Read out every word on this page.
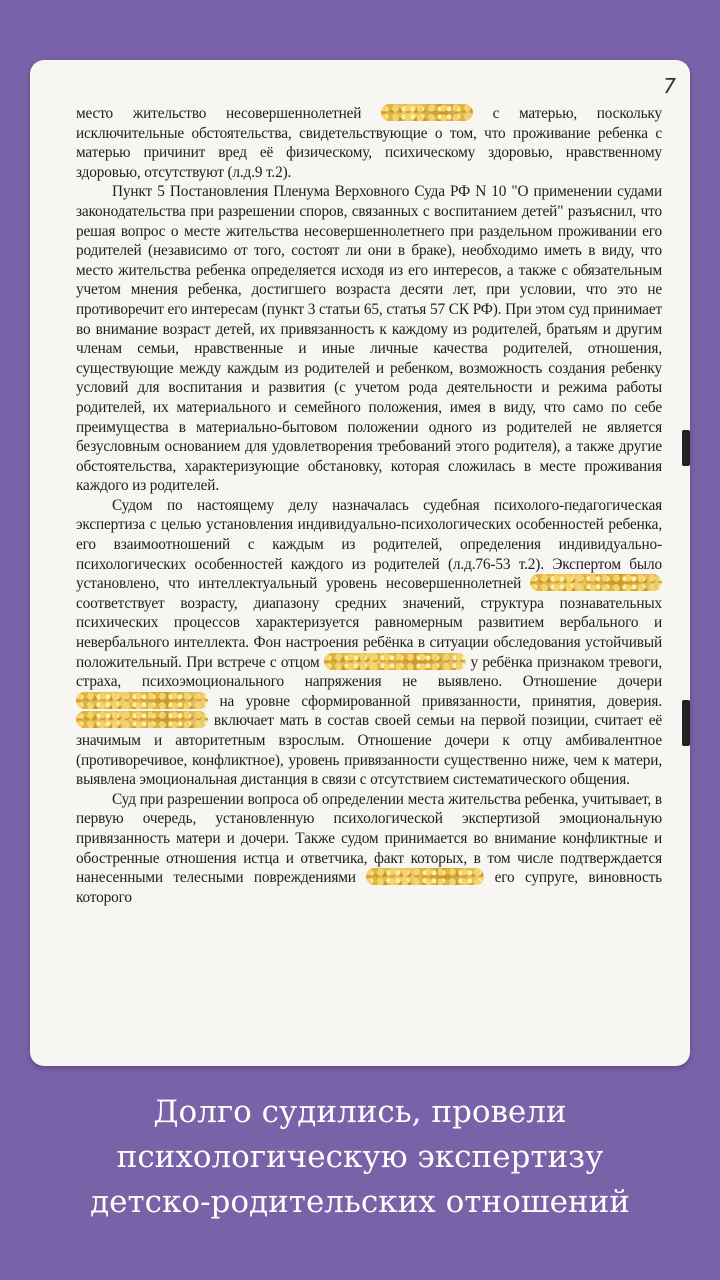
7

место жительство несовершеннолетней	с матерью, поскольку исключительные обстоятельства, свидетельствующие о том, что проживание ребенка с матерью причинит вред её физическому, психическому здоровью, нравственному здоровью, отсутствуют (л.д.9 т.2).

Пункт 5 Постановления Пленума Верховного Суда РФ N 10 "О применении судами законодательства при разрешении споров, связанных с воспитанием детей" разъяснил, что решая вопрос о месте жительства несовершеннолетнего при раздельном проживании его родителей (независимо от того, состоят ли они в браке), необходимо иметь в виду, что место жительства ребенка определяется исходя из его интересов, а также с обязательным учетом мнения ребенка, достигшего возраста десяти лет, при условии, что это не противоречит его интересам (пункт 3 статьи 65, статья 57 СК РФ). При этом суд принимает во внимание возраст детей, их привязанность к каждому из родителей, братьям и другим членам семьи, нравственные и иные личные качества родителей, отношения, существующие между каждым из родителей и ребенком, возможность создания ребенку условий для воспитания и развития (с учетом рода деятельности и режима работы родителей, их материального и семейного положения, имея в виду, что само по себе преимущества в материально-бытовом положении одного из родителей не является безусловным основанием для удовлетворения требований этого родителя), а также другие обстоятельства, характеризующие обстановку, которая сложилась в месте проживания каждого из родителей.

Судом по настоящему делу назначалась судебная психолого-педагогическая экспертиза с целью установления индивидуально-психологических особенностей ребенка, его взаимоотношений с каждым из родителей, определения индивидуально-психологических особенностей каждого из родителей (л.д.76-53 т.2). Экспертом было установлено, что интеллектуальный уровень несовершеннолетней  соответствует возрасту, диапазону средних значений, структура познавательных психических процессов характеризуется равномерным развитием вербального и невербального интеллекта. Фон настроения ребёнка в ситуации обследования устойчивый положительный. При встрече с отцом	у ребёнка признаком тревоги, страха, психоэмоционального напряжения не выявлено. Отношение дочери  на уровне сформированной привязанности, принятия, доверия.  включает мать в состав своей семьи на первой позиции, считает её значимым и авторитетным взрослым. Отношение дочери к отцу амбивалентное (противоречивое, конфликтное), уровень привязанности существенно ниже, чем к матери, выявлена эмоциональная дистанция в связи с отсутствием систематического общения.

Суд при разрешении вопроса об определении места жительства ребенка, учитывает, в первую очередь, установленную психологической экспертизой эмоциональную привязанность матери и дочери. Также судом принимается во внимание конфликтные и обостренные отношения истца и ответчика, факт которых, в том числе подтверждается нанесенными телесными повреждениями	его супруге, виновность которого

Долго судились, провели
психологическую экспертизу
детско-родительских отношений
